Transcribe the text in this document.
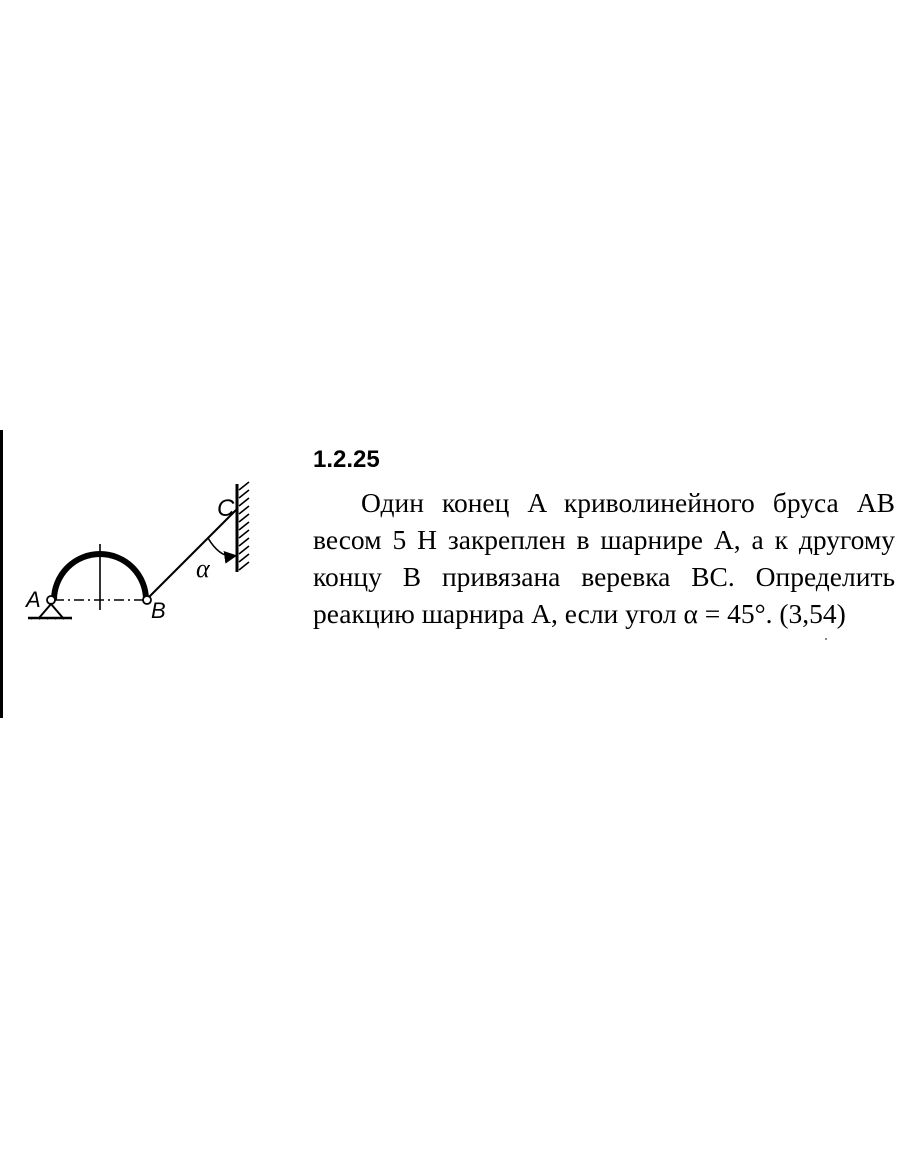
A	B
C
α
1.2.25

Один конец A криволинейного бруса AB весом 5 Н закреплен в шарнире A, а к другому концу B привязана веревка BC. Определить реакцию шарнира A, если угол α = 45°. (3,54)
